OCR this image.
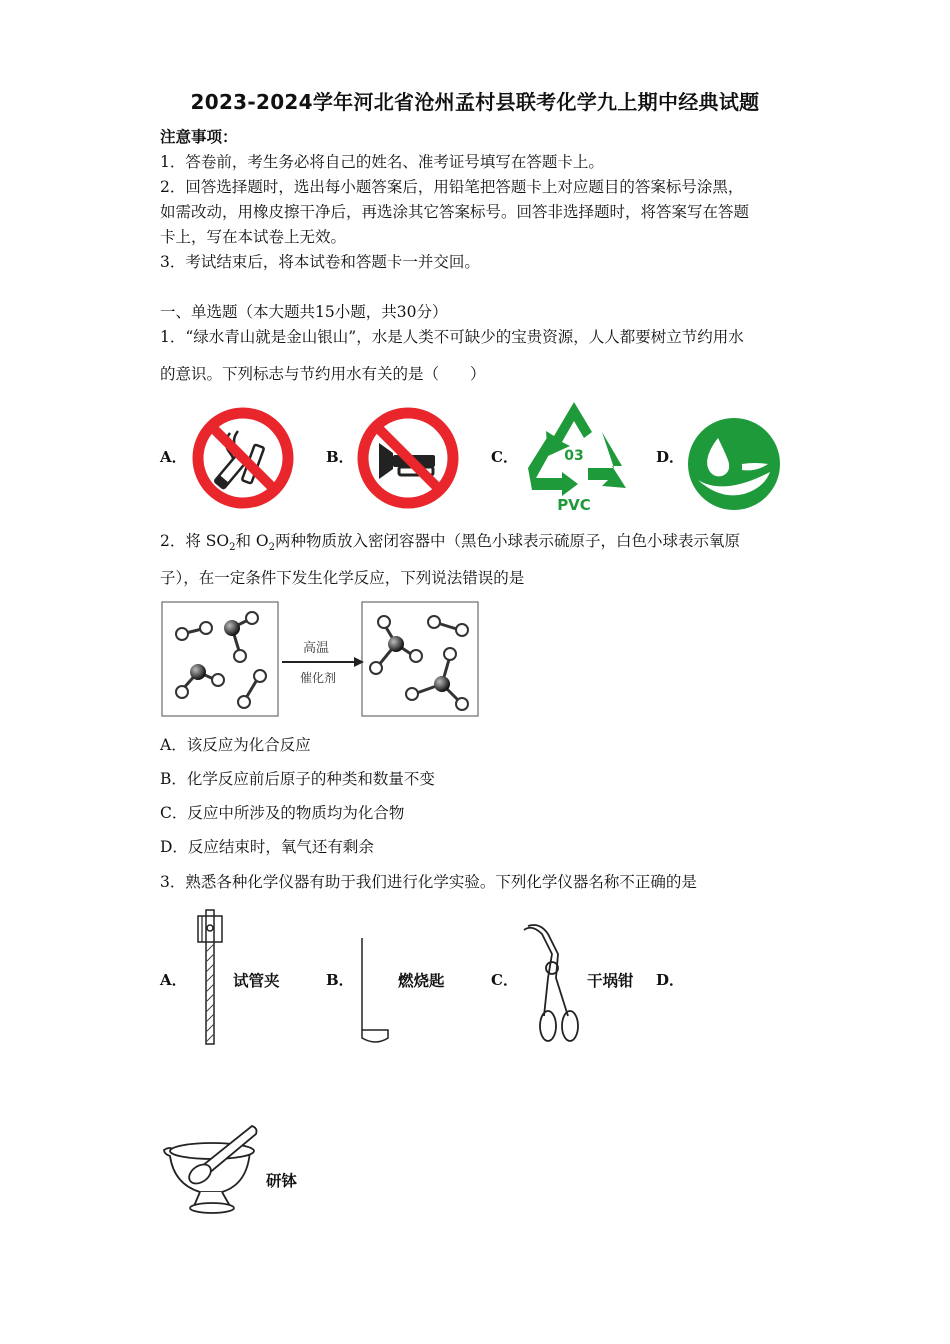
2023-2024学年河北省沧州孟村县联考化学九上期中经典试题
注意事项：
1．答卷前，考生务必将自己的姓名、准考证号填写在答题卡上。
2．回答选择题时，选出每小题答案后，用铅笔把答题卡上对应题目的答案标号涂黑，
如需改动，用橡皮擦干净后，再选涂其它答案标号。回答非选择题时，将答案写在答题
卡上，写在本试卷上无效。
3．考试结束后，将本试卷和答题卡一并交回。
一、单选题（本大题共15小题，共30分）
1．“绿水青山就是金山银山”，水是人类不可缺少的宝贵资源，人人都要树立节约用水
的意识。下列标志与节约用水有关的是（　　）
A．	B．	C．	03
PVC
D．
2．将 $SO_2$和 $O_2$两种物质放入密闭容器中（黑色小球表示硫原子，白色小球表示氧原
子），在一定条件下发生化学反应，下列说法错误的是
高温
催化剂
A．该反应为化合反应
B．化学反应前后原子的种类和数量不变
C．反应中所涉及的物质均为化合物
D．反应结束时，氧气还有剩余
3．熟悉各种化学仪器有助于我们进行化学实验。下列化学仪器名称不正确的是
A．	试管夹	B．	燃烧匙	C．	干埚钳 D．
研钵
